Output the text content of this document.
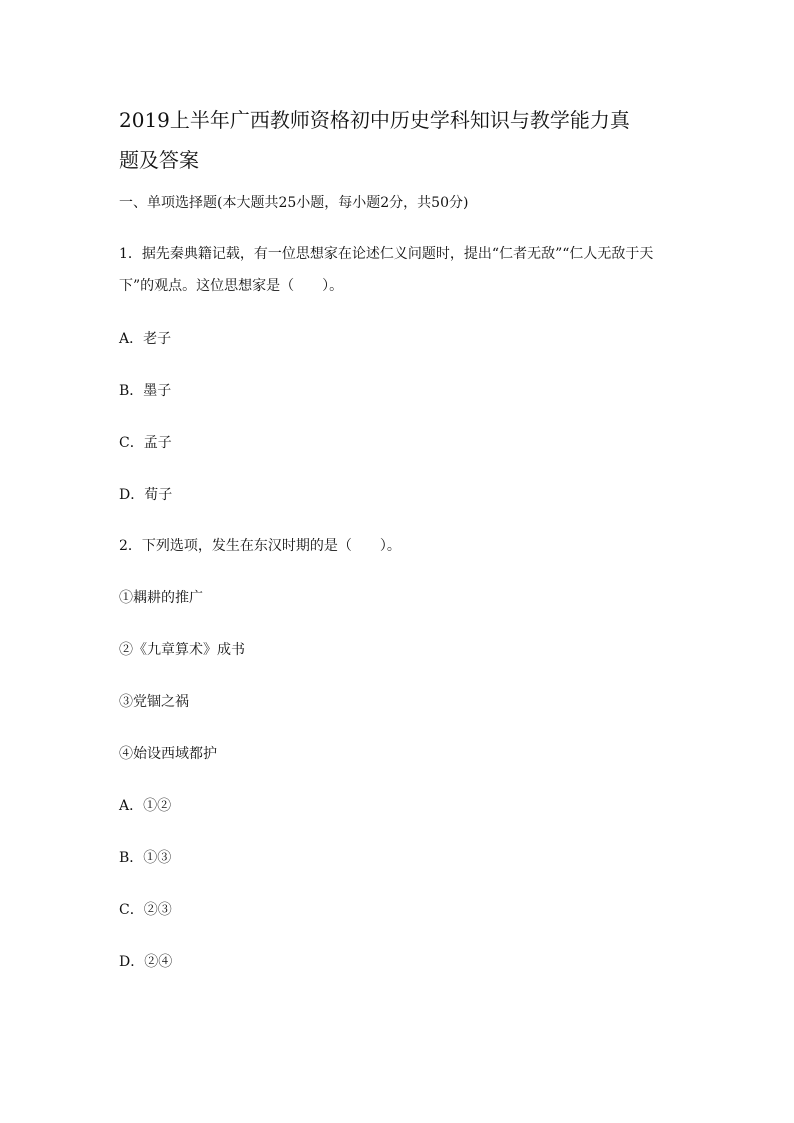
2019上半年广西教师资格初中历史学科知识与教学能力真
题及答案
一、单项选择题(本大题共25小题，每小题2分，共50分)
1．据先秦典籍记载，有一位思想家在论述仁义问题时，提出“仁者无敌”“仁人无敌于天
下”的观点。这位思想家是（　　）。
A．老子
B．墨子
C．孟子
D．荀子
2．下列选项，发生在东汉时期的是（　　）。
①耦耕的推广
②《九章算术》成书
③党锢之祸
④始设西域都护
A．①②
B．①③
C．②③
D．②④
